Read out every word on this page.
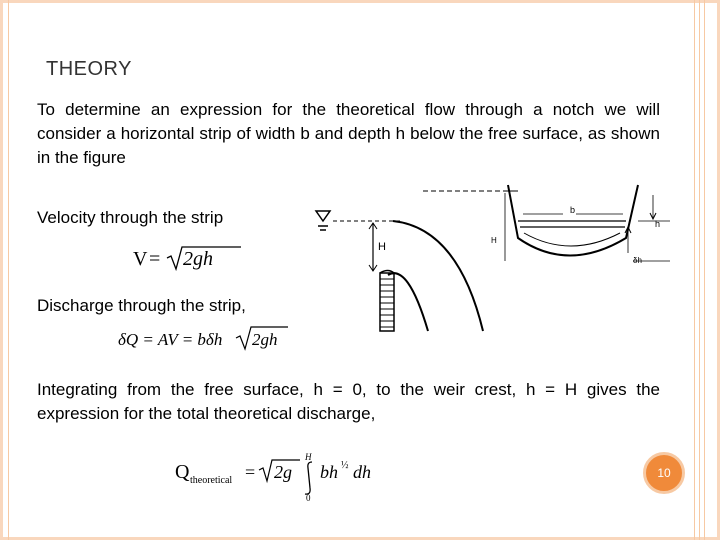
THEORY
To determine an expression for the theoretical flow through a notch we will consider a horizontal strip of width b and depth h below the free surface, as shown in the figure
Velocity through the strip
V = 2gh
Discharge through the strip,
δQ = AV = bδh 2gh
H
b
H
h
δh
Integrating from the free surface, h = 0, to the weir crest, h = H gives the expression for the total theoretical discharge,
Q theoretical = 2g
H
0
bh ½ dh	10
